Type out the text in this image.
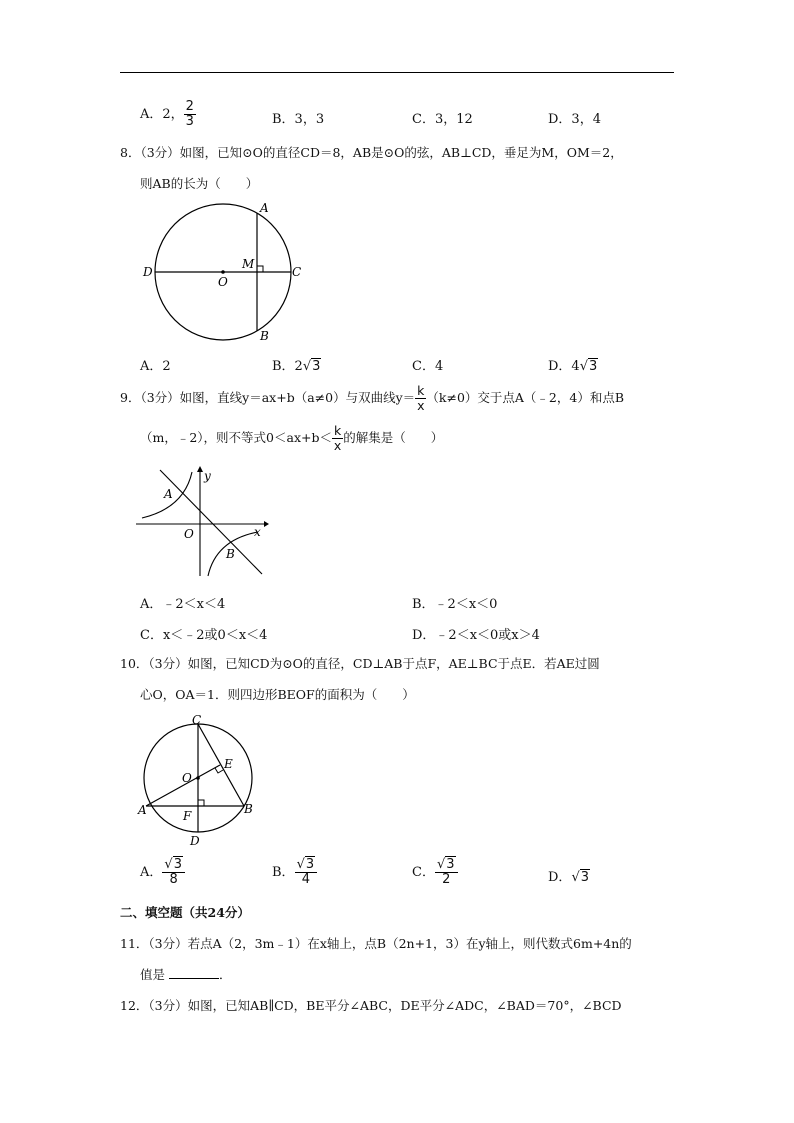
A．2， $\frac{2}{3}$	B．3，3	C．3，12	D．3，4
8．（3分）如图，已知⊙O的直径CD＝8，AB是⊙O的弦，AB⊥CD，垂足为M，OM＝2，
则AB的长为（　　）
A
B
C
D
O
M
A．2	B．2√3	C．4	D．4√3
9．（3分）如图，直线y＝ax+b（a≠0）与双曲线$y= \frac{k}{x} (k\ne 0)$交于点A（﹣2，4）和点B
（m，﹣2），则不等式$0<ax+b< \frac{k}{x}$ 的解集是（　　）
A
B
O	x
y
A．﹣2＜x＜4	B．﹣2＜x＜0
C．x＜﹣2或0＜x＜4	D．﹣2＜x＜0或x＞4
10．（3分）如图，已知CD为⊙O的直径，CD⊥AB于点F，AE⊥BC于点E．若AE过圆
心O，OA＝1．则四边形BEOF的面积为（　　）
C
D
A	B
E
F
O
A． $\frac{√3}{8}$	B． $\frac{√3}{4}$	C． $\frac{√3}{2}$	D．√3
二、填空题（共24分）
11．（3分）若点A（2，3m﹣1）在x轴上，点B（2n+1，3）在y轴上，则代数式6m+4n的
值是	．
12．（3分）如图，已知AB∥CD，BE平分∠ABC，DE平分∠ADC，∠BAD＝70°，∠BCD
